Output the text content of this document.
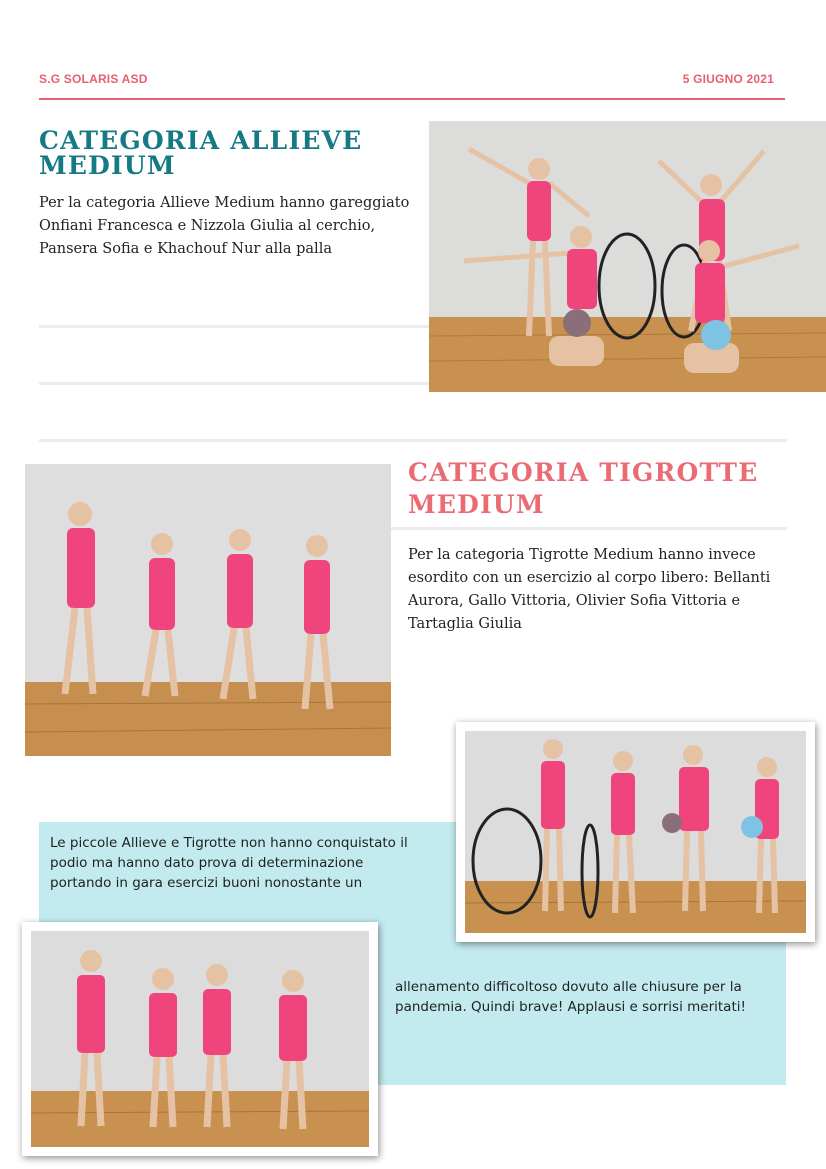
S.G SOLARIS ASD	5 GIUGNO 2021
CATEGORIA ALLIEVE
MEDIUM
Per la categoria Allieve Medium hanno gareggiato
Onfiani Francesca e Nizzola Giulia al cerchio,
Pansera Sofia e Khachouf Nur alla palla
CATEGORIA TIGROTTE
MEDIUM
Per la categoria Tigrotte Medium hanno invece
esordito con un esercizio al corpo libero: Bellanti
Aurora, Gallo Vittoria, Olivier Sofia Vittoria e
Tartaglia Giulia
Le piccole Allieve e Tigrotte non hanno conquistato il
podio ma hanno dato prova di determinazione
portando in gara esercizi buoni nonostante un
allenamento difficoltoso dovuto alle chiusure per la
pandemia. Quindi brave! Applausi e sorrisi meritati!
